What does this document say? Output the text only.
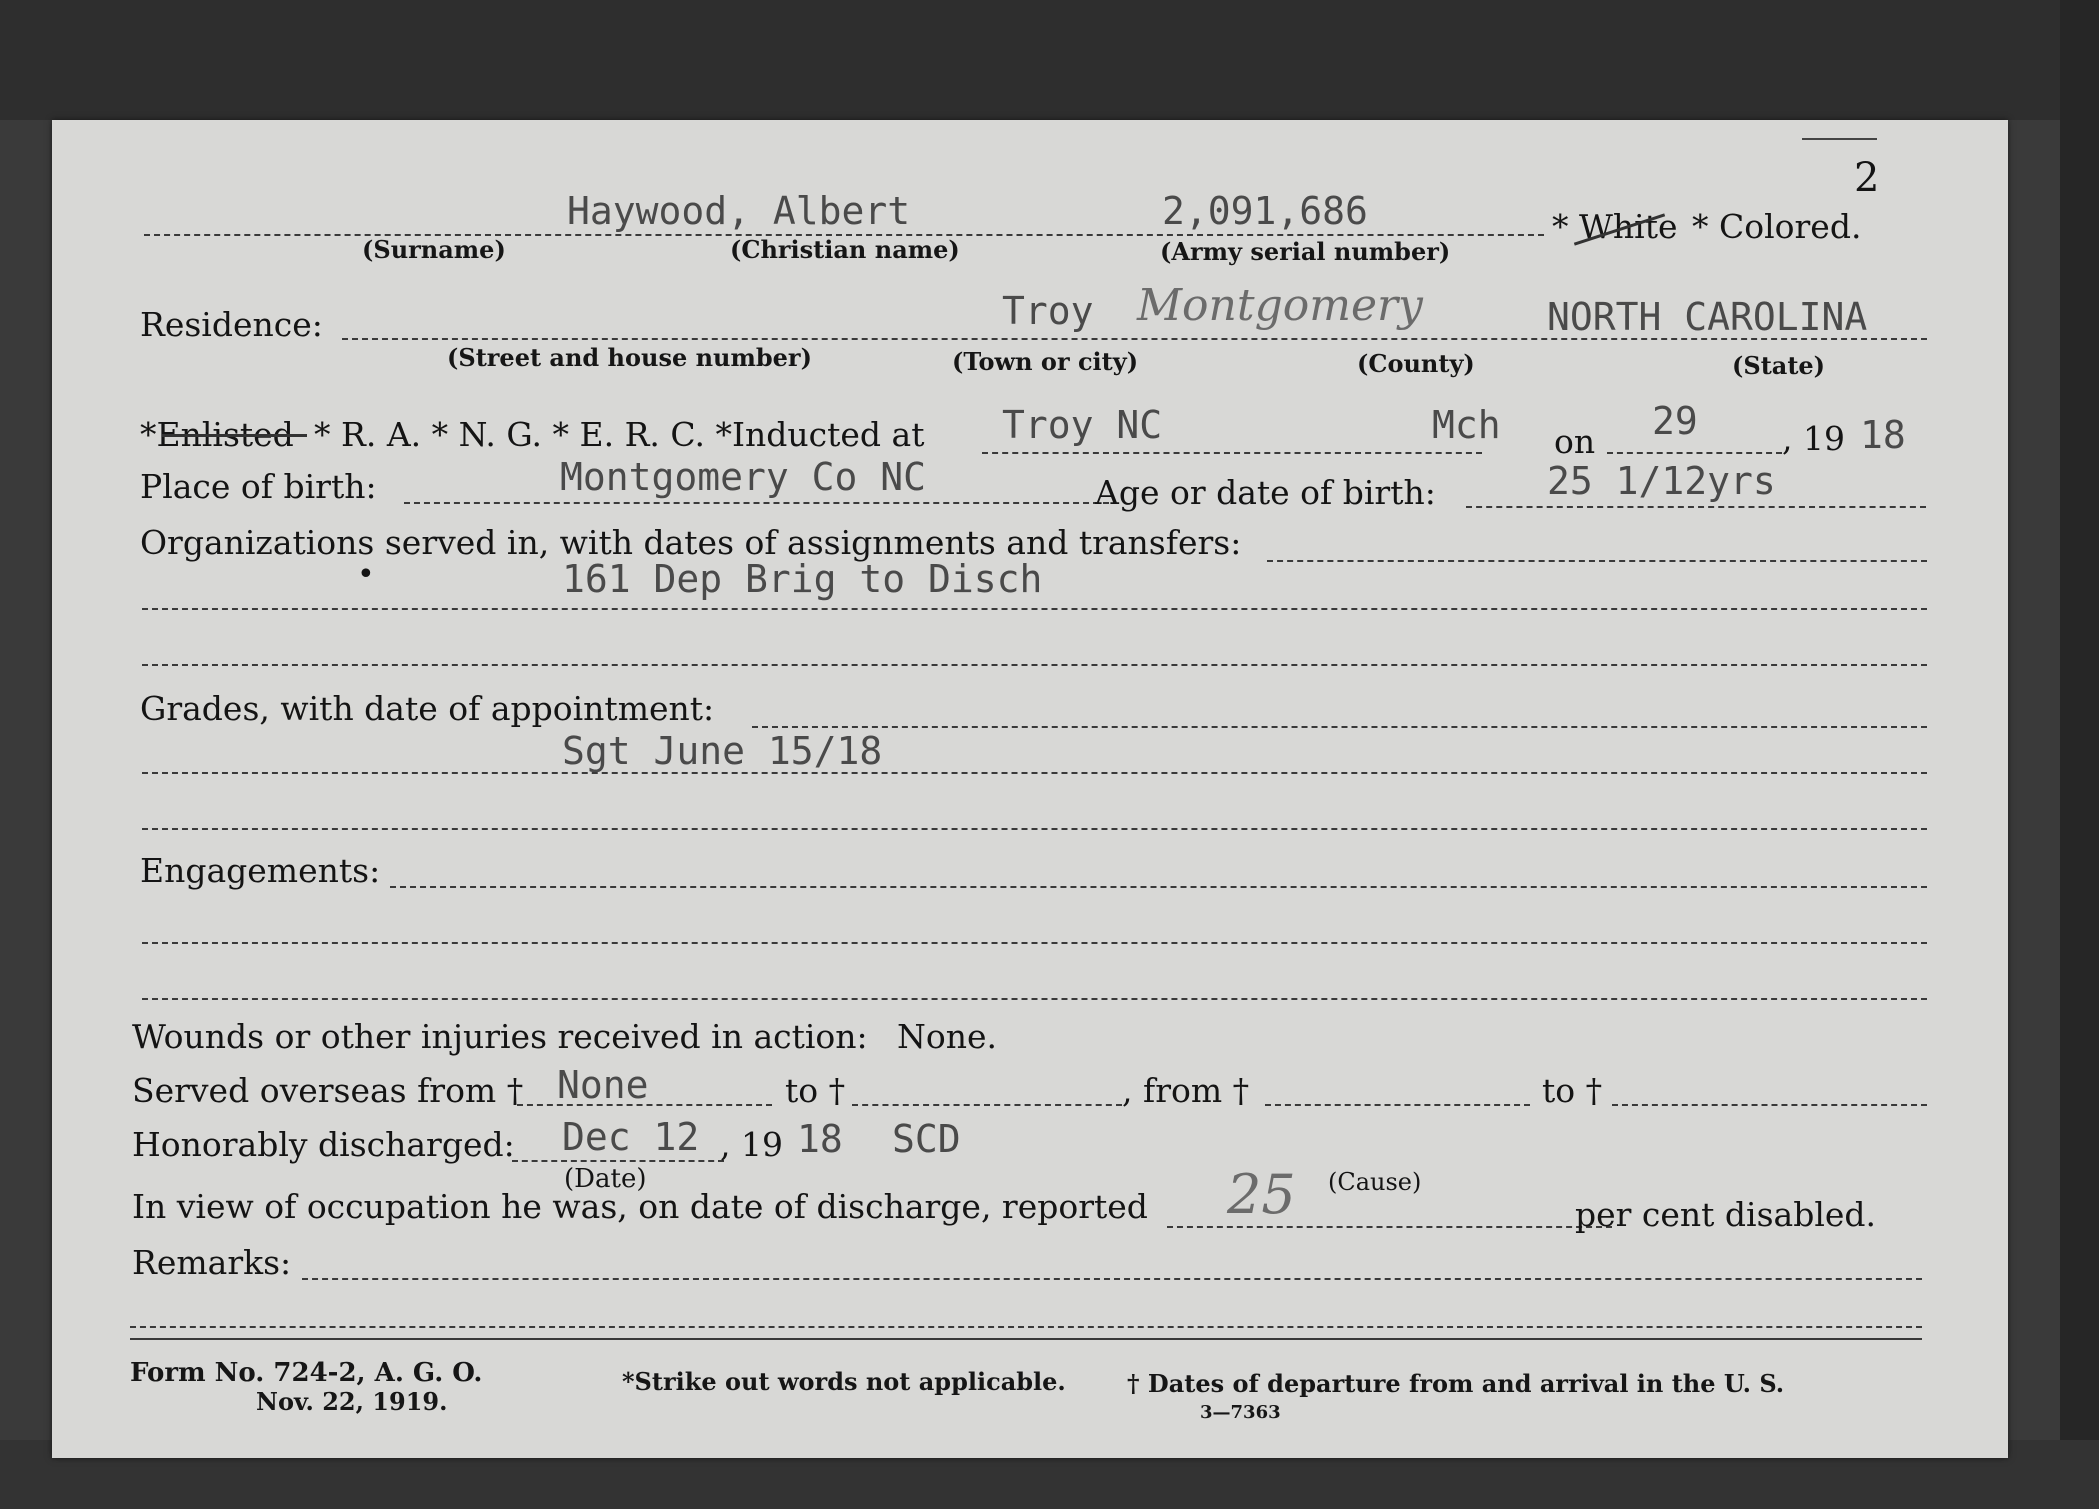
2
Haywood, Albert	2,091,686
(Surname)	(Christian name)	(Army serial number)
* White * Colored.
Residence:	Troy Montgomery	NORTH CAROLINA
(Street and house number)	(Town or city)	(County)	(State)
*Enlisted * R. A. * N. G. * E. R. C. *Inducted at Troy NC	Mch on 29	, 19 18
Place of birth:	Montgomery Co NC	Age or date of birth:	25 1/12yrs
Organizations served in, with dates of assignments and transfers:
•	161 Dep Brig to Disch
Grades, with date of appointment:
Sgt June 15/18
Engagements:
Wounds or other injuries received in action: None.
Served overseas from † None	to †	, from †	to †
Honorably discharged: Dec 12 , 19 18 SCD
(Date)	(Cause)
In view of occupation he was, on date of discharge, reported 25	per cent disabled.
Remarks:
Form No. 724-2, A. G. O.
Nov. 22, 1919.
*Strike out words not applicable.	† Dates of departure from and arrival in the U. S.
3—7363
